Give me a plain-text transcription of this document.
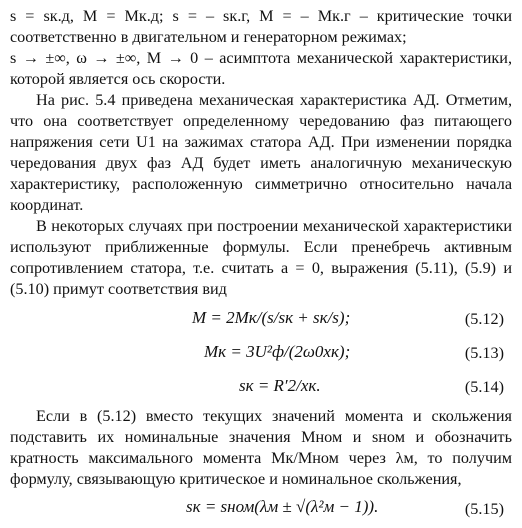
s = sк.д, M = Mк.д; s = – sк.г, M = – Mк.г – критические точки соответственно в двигательном и генераторном режимах;

s → ±∞, ω → ±∞, M → 0 – асимптота механической характеристики, которой является ось скорости.

На рис. 5.4 приведена механическая характеристика АД. Отметим, что она соответствует определенному чередованию фаз питающего напряжения сети U1 на зажимах статора АД. При изменении порядка чередования двух фаз АД будет иметь аналогичную механическую характеристику, расположенную симметрично относительно начала координат.

В некоторых случаях при построении механической характеристики используют приближенные формулы. Если пренебречь активным сопротивлением статора, т.е. считать a = 0, выражения (5.11), (5.9) и (5.10) примут соответствия вид

M = 2Mк/(s/sк + sк/s);	(5.12)
Mк = 3U²ф/(2ω0xк);	(5.13)
sк = R′2/xк.	(5.14)

Если в (5.12) вместо текущих значений момента и скольжения подставить их номинальные значения Mном и sном и обозначить кратность максимального момента Mк/Mном через λм, то получим формулу, связывающую критическое и номинальное скольжения,

sк = sном(λм ± √(λ²м − 1)).	(5.15)
